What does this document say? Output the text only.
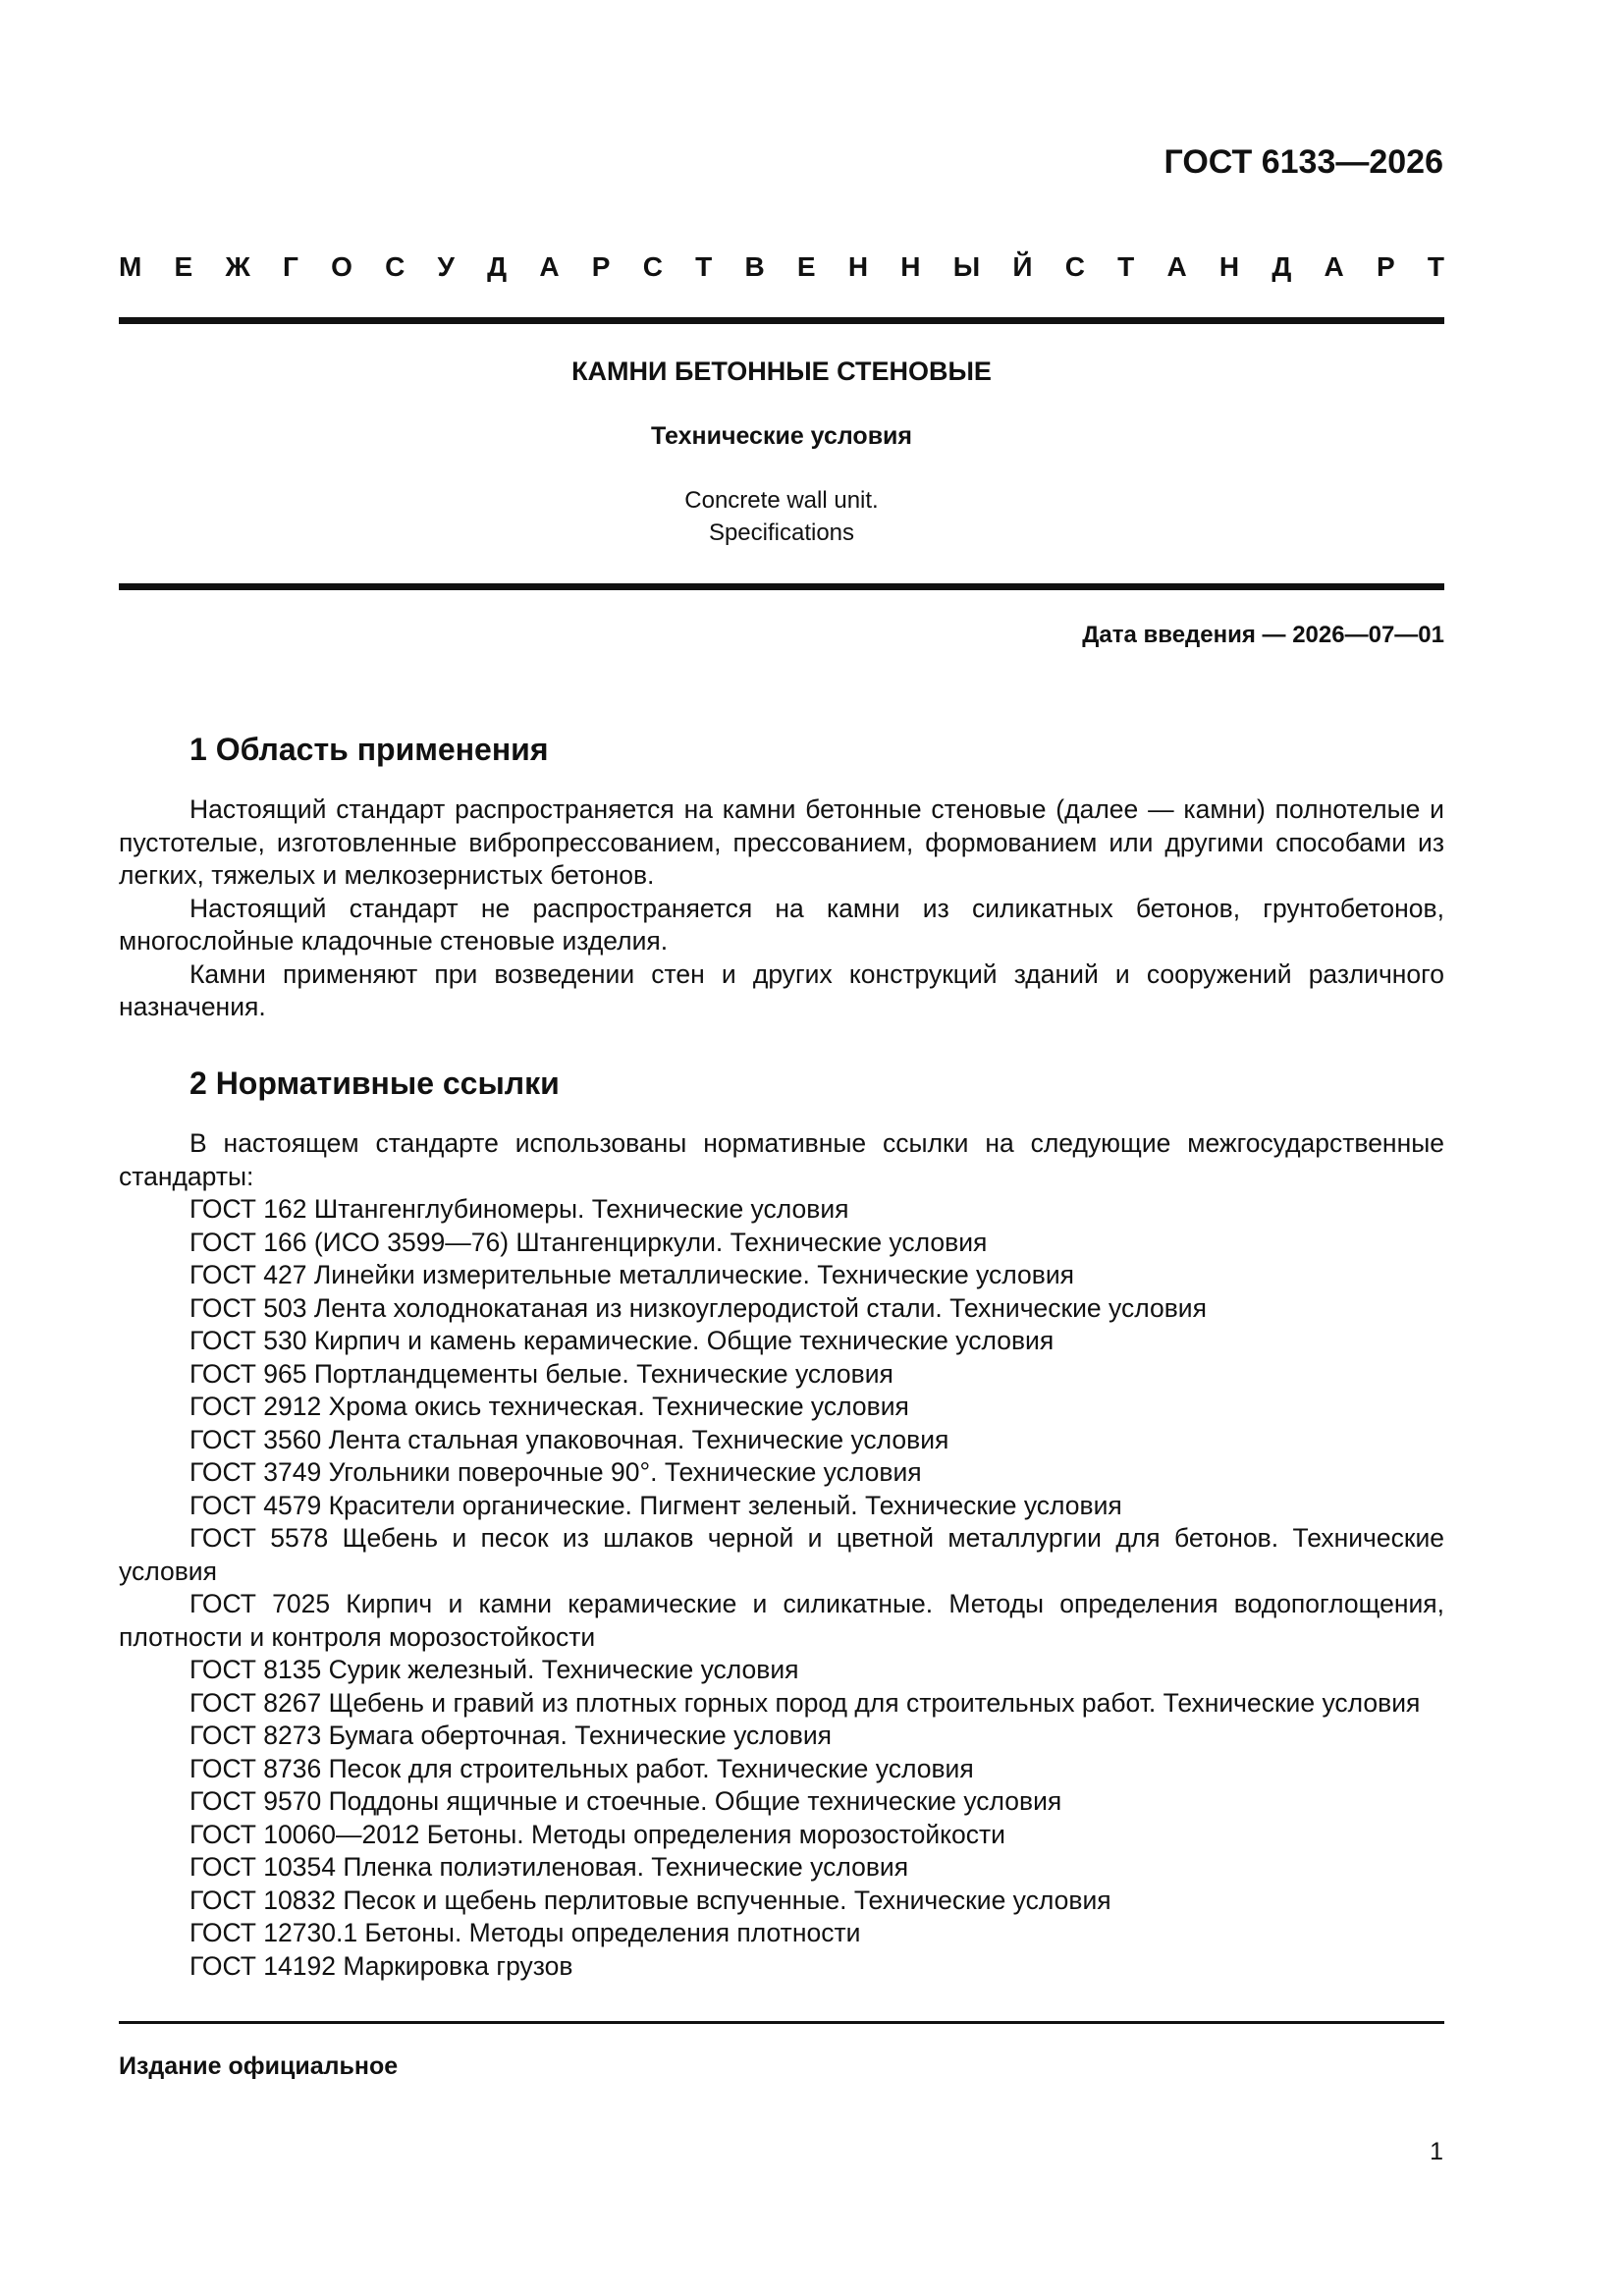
ГОСТ 6133—2026
М Е Ж Г О С У Д А Р С Т В Е Н Н Ы Й С Т А Н Д А Р Т
КАМНИ БЕТОННЫЕ СТЕНОВЫЕ
Технические условия
Concrete wall unit.
Specifications
Дата введения — 2026—07—01
1 Область применения

Настоящий стандарт распространяется на камни бетонные стеновые (далее — камни) полнотелые и пустотелые, изготовленные вибропрессованием, прессованием, формованием или другими способами из легких, тяжелых и мелкозернистых бетонов.

Настоящий стандарт не распространяется на камни из силикатных бетонов, грунтобетонов, многослойные кладочные стеновые изделия.

Камни применяют при возведении стен и других конструкций зданий и сооружений различного назначения.

2 Нормативные ссылки

В настоящем стандарте использованы нормативные ссылки на следующие межгосударственные стандарты:

ГОСТ 162 Штангенглубиномеры. Технические условия

ГОСТ 166 (ИСО 3599—76) Штангенциркули. Технические условия

ГОСТ 427 Линейки измерительные металлические. Технические условия

ГОСТ 503 Лента холоднокатаная из низкоуглеродистой стали. Технические условия

ГОСТ 530 Кирпич и камень керамические. Общие технические условия

ГОСТ 965 Портландцементы белые. Технические условия

ГОСТ 2912 Хрома окись техническая. Технические условия

ГОСТ 3560 Лента стальная упаковочная. Технические условия

ГОСТ 3749 Угольники поверочные 90°. Технические условия

ГОСТ 4579 Красители органические. Пигмент зеленый. Технические условия

ГОСТ 5578 Щебень и песок из шлаков черной и цветной металлургии для бетонов. Технические условия

ГОСТ 7025 Кирпич и камни керамические и силикатные. Методы определения водопоглощения, плотности и контроля морозостойкости

ГОСТ 8135 Сурик железный. Технические условия

ГОСТ 8267 Щебень и гравий из плотных горных пород для строительных работ. Технические условия

ГОСТ 8273 Бумага оберточная. Технические условия

ГОСТ 8736 Песок для строительных работ. Технические условия

ГОСТ 9570 Поддоны ящичные и стоечные. Общие технические условия

ГОСТ 10060—2012 Бетоны. Методы определения морозостойкости

ГОСТ 10354 Пленка полиэтиленовая. Технические условия

ГОСТ 10832 Песок и щебень перлитовые вспученные. Технические условия

ГОСТ 12730.1 Бетоны. Методы определения плотности

ГОСТ 14192 Маркировка грузов

Издание официальное
1
